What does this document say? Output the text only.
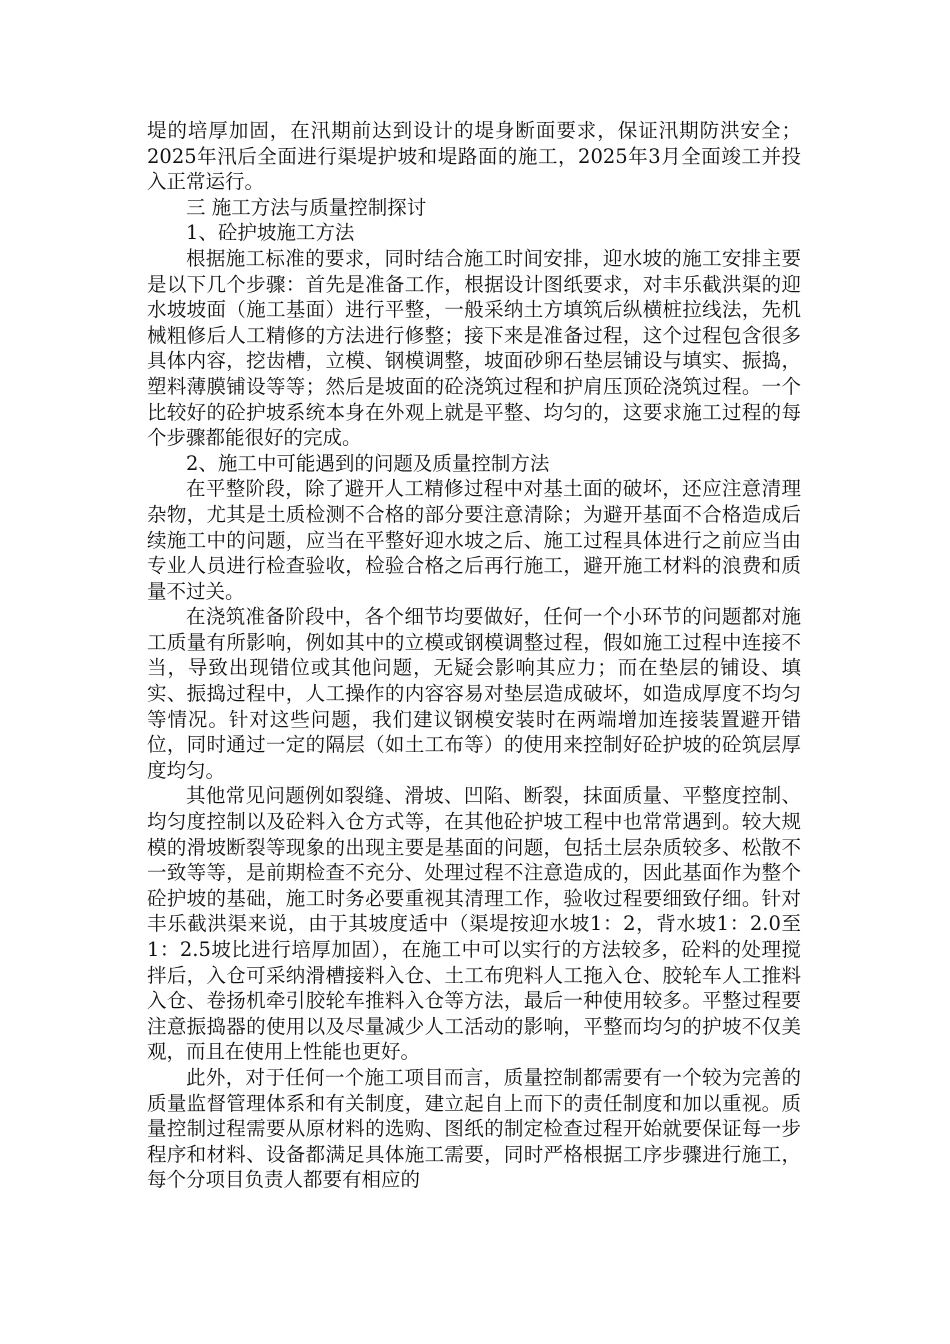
堤的培厚加固，在汛期前达到设计的堤身断面要求，保证汛期防洪安全；2025年汛后全面进行渠堤护坡和堤路面的施工，2025年3月全面竣工并投入正常运行。

三 施工方法与质量控制探讨

1、砼护坡施工方法

根据施工标准的要求，同时结合施工时间安排，迎水坡的施工安排主要是以下几个步骤：首先是准备工作，根据设计图纸要求，对丰乐截洪渠的迎水坡坡面（施工基面）进行平整，一般采纳土方填筑后纵横桩拉线法，先机械粗修后人工精修的方法进行修整；接下来是准备过程，这个过程包含很多具体内容，挖齿槽，立模、钢模调整，坡面砂卵石垫层铺设与填实、振捣，塑料薄膜铺设等等；然后是坡面的砼浇筑过程和护肩压顶砼浇筑过程。一个比较好的砼护坡系统本身在外观上就是平整、均匀的，这要求施工过程的每个步骤都能很好的完成。

2、施工中可能遇到的问题及质量控制方法

在平整阶段，除了避开人工精修过程中对基土面的破坏，还应注意清理杂物，尤其是土质检测不合格的部分要注意清除；为避开基面不合格造成后续施工中的问题，应当在平整好迎水坡之后、施工过程具体进行之前应当由专业人员进行检查验收，检验合格之后再行施工，避开施工材料的浪费和质量不过关。

在浇筑准备阶段中，各个细节均要做好，任何一个小环节的问题都对施工质量有所影响，例如其中的立模或钢模调整过程，假如施工过程中连接不当，导致出现错位或其他问题，无疑会影响其应力；而在垫层的铺设、填实、振捣过程中，人工操作的内容容易对垫层造成破坏，如造成厚度不均匀等情况。针对这些问题，我们建议钢模安装时在两端增加连接装置避开错位，同时通过一定的隔层（如土工布等）的使用来控制好砼护坡的砼筑层厚度均匀。

其他常见问题例如裂缝、滑坡、凹陷、断裂，抹面质量、平整度控制、均匀度控制以及砼料入仓方式等，在其他砼护坡工程中也常常遇到。较大规模的滑坡断裂等现象的出现主要是基面的问题，包括土层杂质较多、松散不一致等等，是前期检查不充分、处理过程不注意造成的，因此基面作为整个砼护坡的基础，施工时务必要重视其清理工作，验收过程要细致仔细。针对丰乐截洪渠来说，由于其坡度适中（渠堤按迎水坡1：2，背水坡1：2.0至1：2.5坡比进行培厚加固），在施工中可以实行的方法较多，砼料的处理搅拌后，入仓可采纳滑槽接料入仓、土工布兜料人工拖入仓、胶轮车人工推料入仓、卷扬机牵引胶轮车推料入仓等方法，最后一种使用较多。平整过程要注意振捣器的使用以及尽量减少人工活动的影响，平整而均匀的护坡不仅美观，而且在使用上性能也更好。

此外，对于任何一个施工项目而言，质量控制都需要有一个较为完善的质量监督管理体系和有关制度，建立起自上而下的责任制度和加以重视。质量控制过程需要从原材料的选购、图纸的制定检查过程开始就要保证每一步程序和材料、设备都满足具体施工需要，同时严格根据工序步骤进行施工，每个分项目负责人都要有相应的
